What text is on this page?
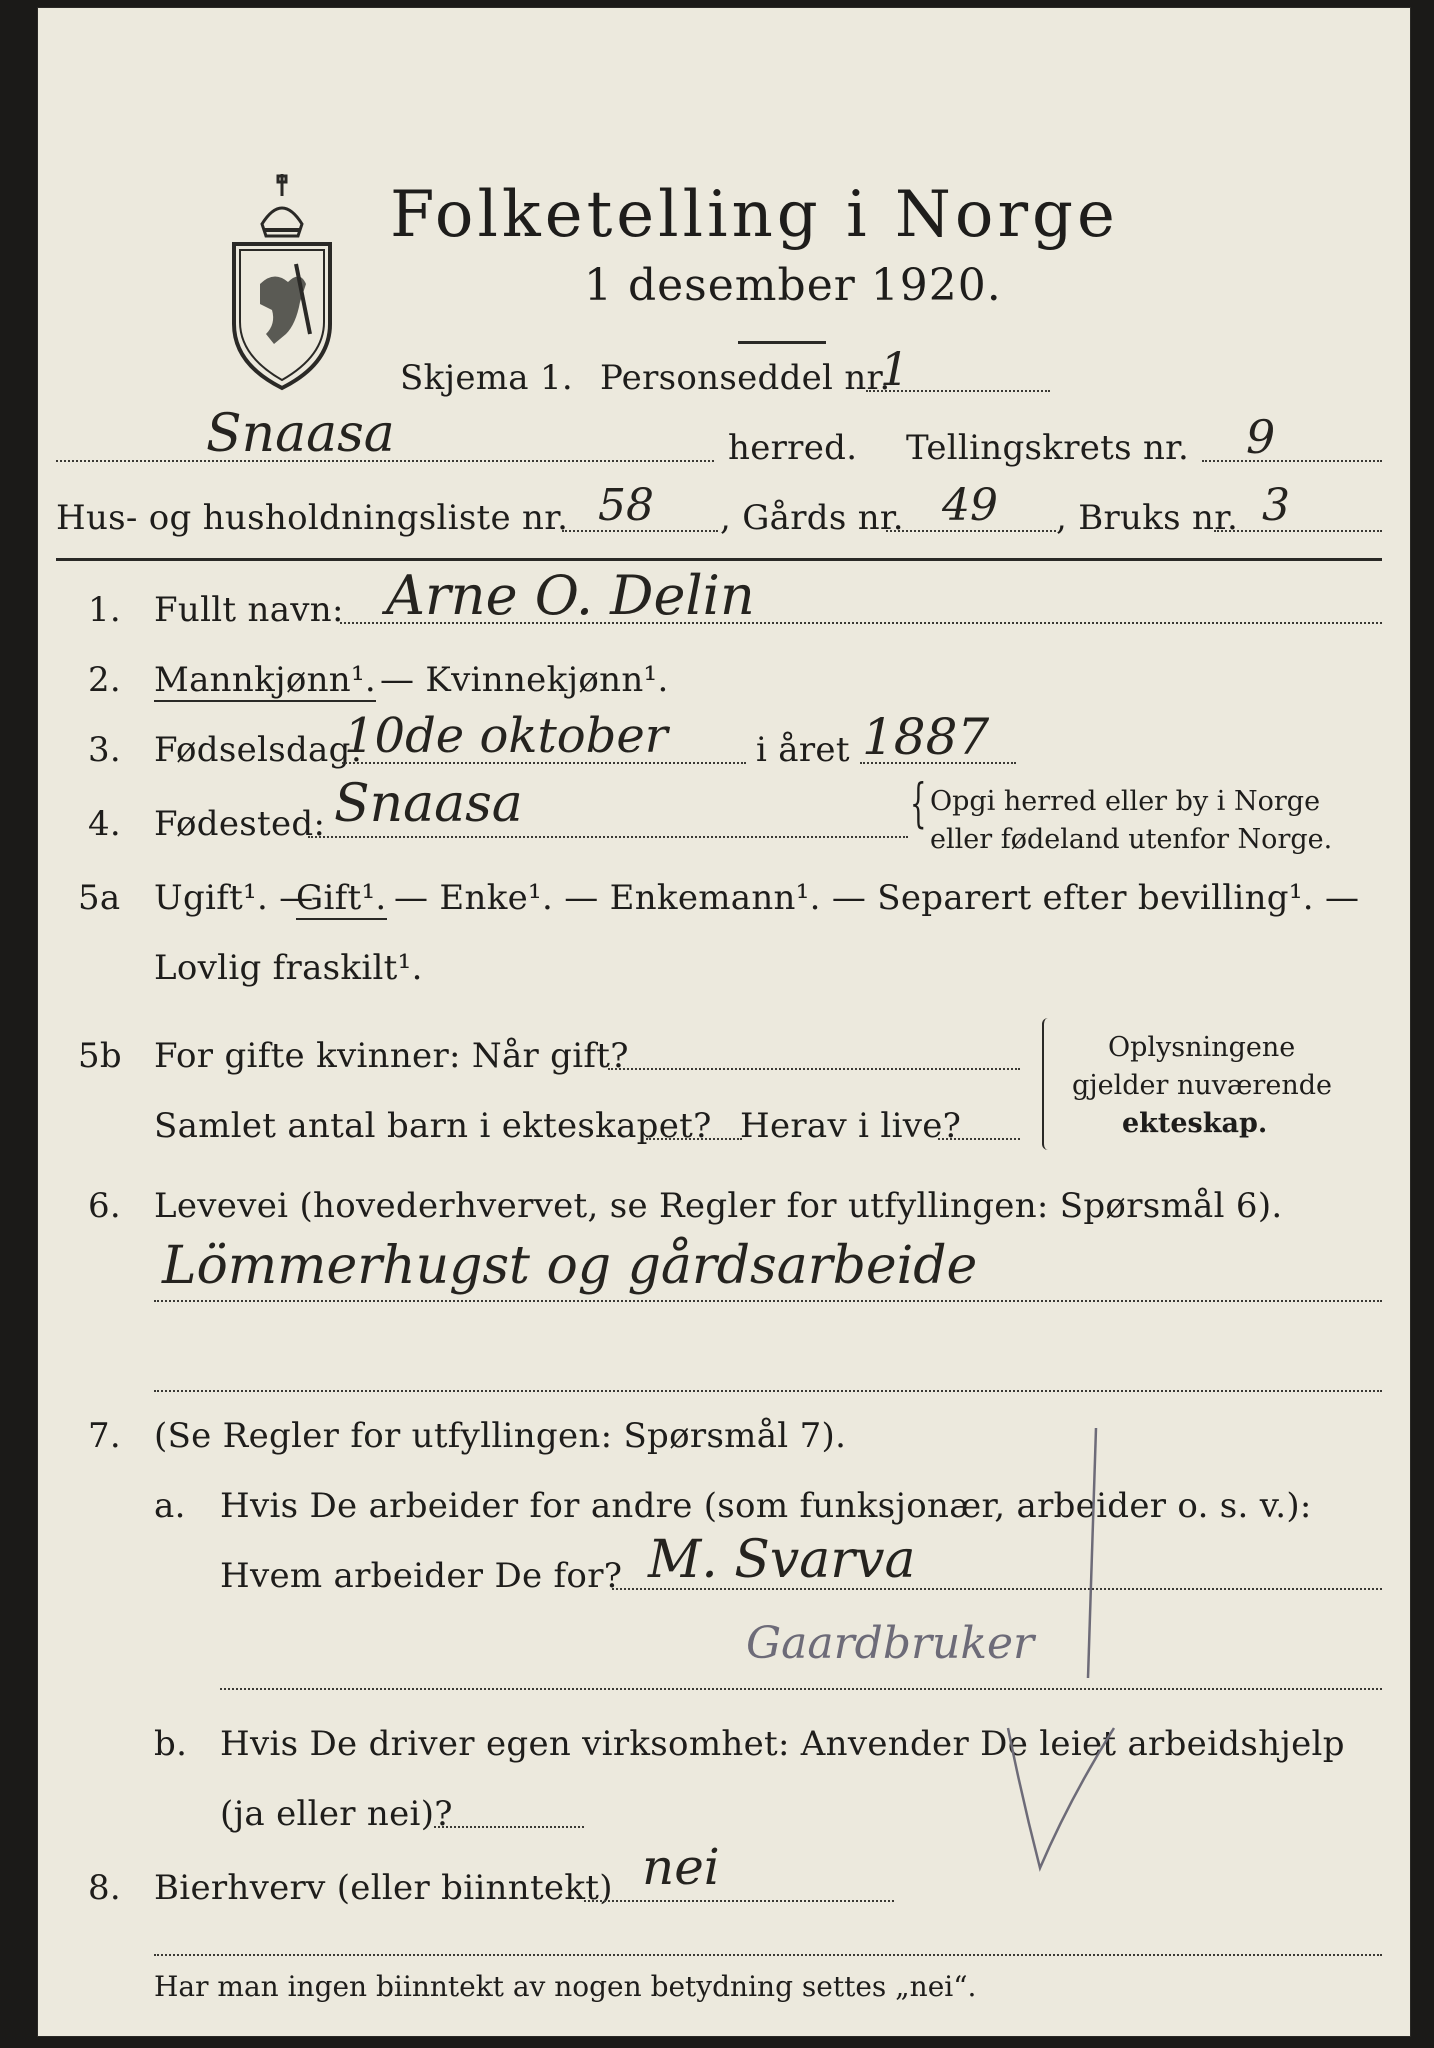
Folketelling i Norge
1 desember 1920.
Skjema 1. Personseddel nr.
1
Snaasa	herred. Tellingskrets nr. 9
Hus- og husholdningsliste nr. 58 , Gårds nr. 49 , Bruks nr. 3
1. Fullt navn: Arne O. Delin
2. Mannkjønn¹. — Kvinnekjønn¹.
3. Fødselsdag:
10de oktober	i året 1887
4. Fødested: Snaasa	{ Opgi herred eller by i Norge
eller fødeland utenfor Norge.
5a Ugift¹. —
Gift¹. — Enke¹. — Enkemann¹. — Separert efter bevilling¹. —
Lovlig fraskilt¹.
5b For gifte kvinner: Når gift?
Samlet antal barn i ekteskapet? Herav i live?
Oplysningene
gjelder nuværende
ekteskap.
6. Levevei (hovederhvervet, se Regler for utfyllingen: Spørsmål 6).
Lömmerhugst og gårdsarbeide
7. (Se Regler for utfyllingen: Spørsmål 7).
a. Hvis De arbeider for andre (som funksjonær, arbeider o. s. v.):
Hvem arbeider De for? M. Svarva
Gaardbruker
b. Hvis De driver egen virksomhet: Anvender De leiet arbeidshjelp
(ja eller nei)?
8. Bierhverv (eller biinntekt) nei
Har man ingen biinntekt av nogen betydning settes „nei“.
